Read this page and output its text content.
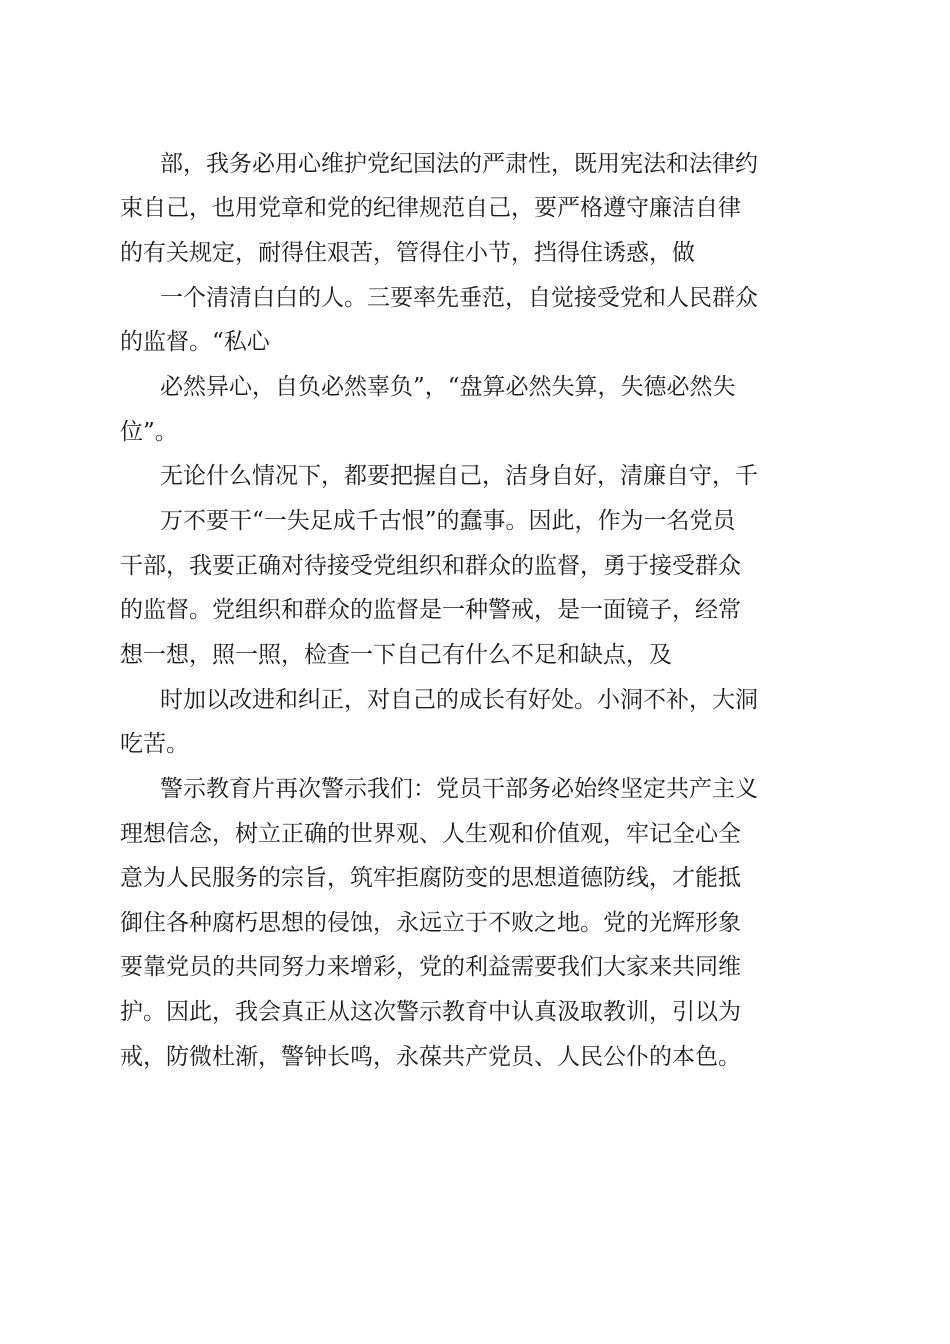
部，我务必用心维护党纪国法的严肃性，既用宪法和法律约
束自己，也用党章和党的纪律规范自己，要严格遵守廉洁自律
的有关规定，耐得住艰苦，管得住小节，挡得住诱惑，做
一个清清白白的人。三要率先垂范，自觉接受党和人民群众
的监督。“私心
必然异心，自负必然辜负”，“盘算必然失算，失德必然失
位”。
无论什么情况下，都要把握自己，洁身自好，清廉自守，千
万不要干“一失足成千古恨”的蠢事。因此，作为一名党员
干部，我要正确对待接受党组织和群众的监督，勇于接受群众
的监督。党组织和群众的监督是一种警戒，是一面镜子，经常
想一想，照一照，检查一下自己有什么不足和缺点，及
时加以改进和纠正，对自己的成长有好处。小洞不补，大洞
吃苦。
警示教育片再次警示我们：党员干部务必始终坚定共产主义
理想信念，树立正确的世界观、人生观和价值观，牢记全心全
意为人民服务的宗旨，筑牢拒腐防变的思想道德防线，才能抵
御住各种腐朽思想的侵蚀，永远立于不败之地。党的光辉形象
要靠党员的共同努力来增彩，党的利益需要我们大家来共同维
护。因此，我会真正从这次警示教育中认真汲取教训，引以为
戒，防微杜渐，警钟长鸣，永葆共产党员、人民公仆的本色。
